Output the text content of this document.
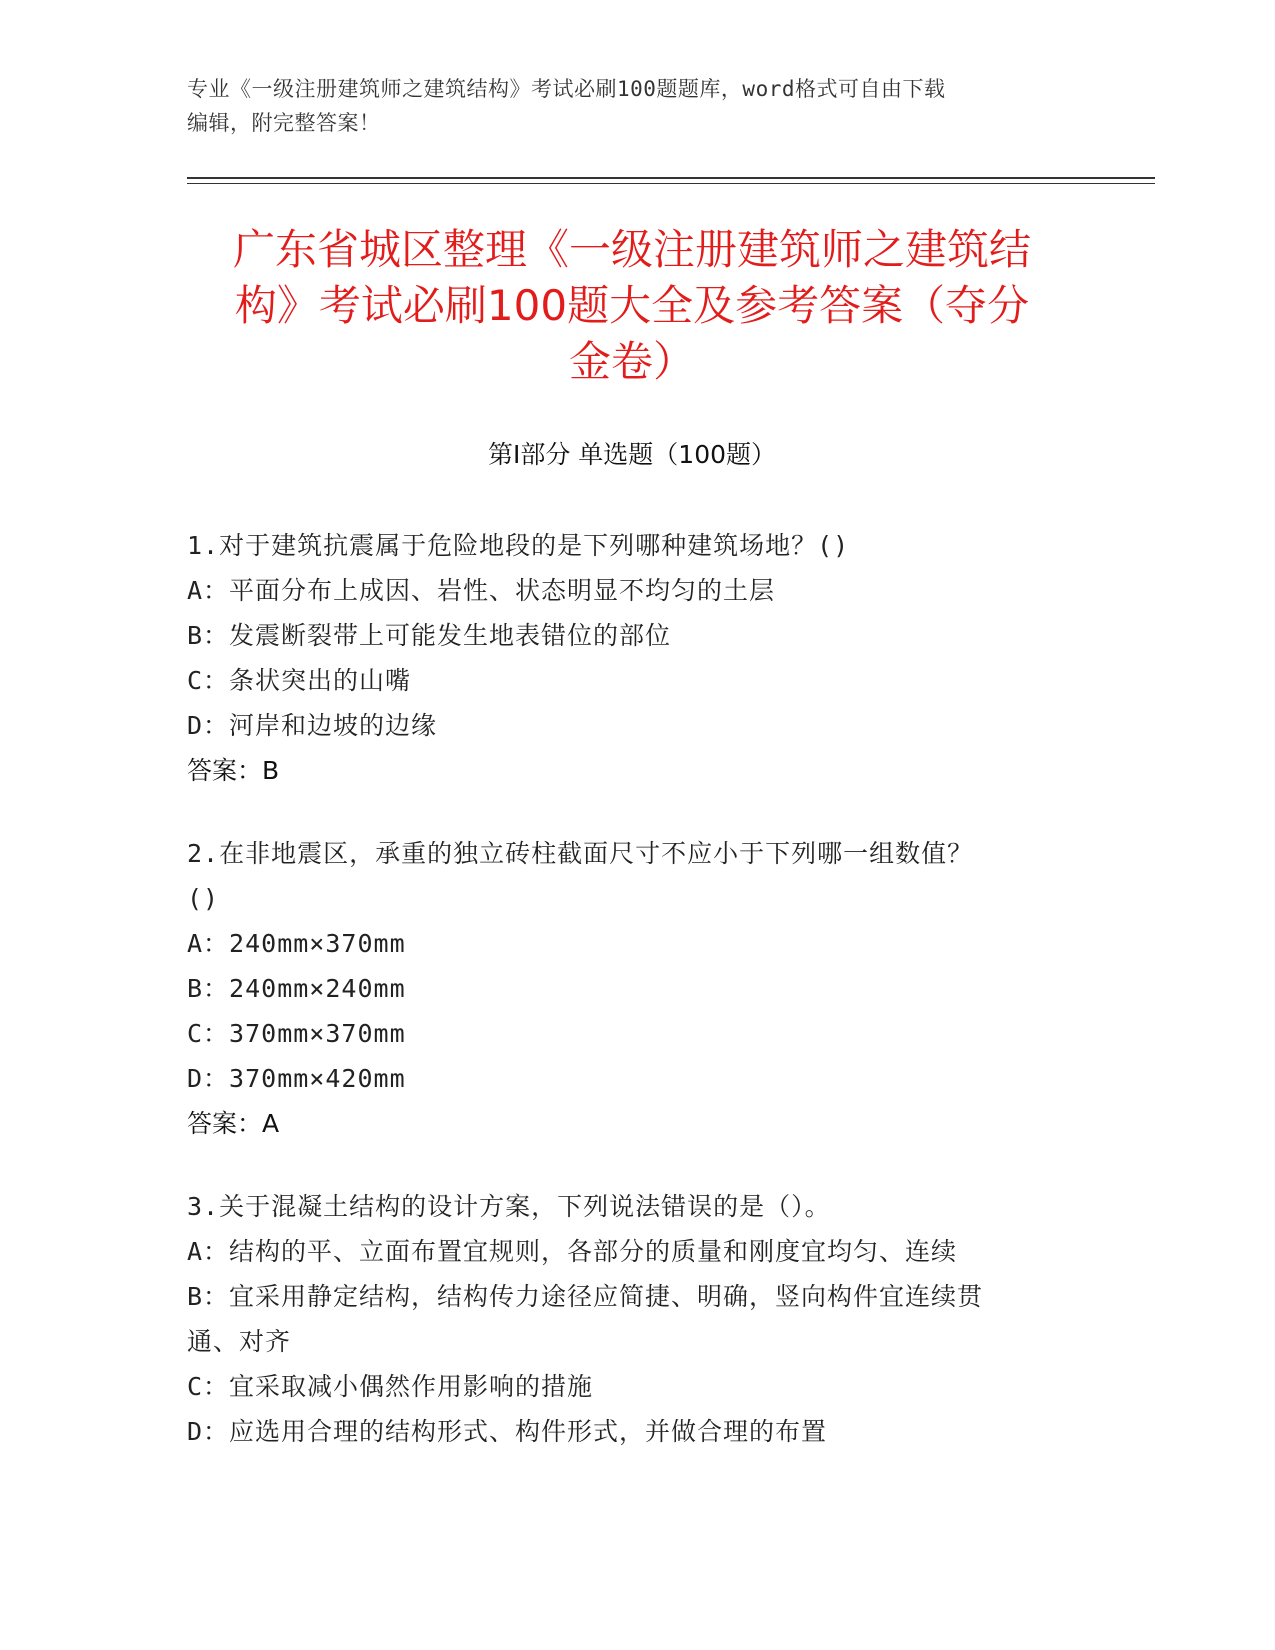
专业《一级注册建筑师之建筑结构》考试必刷100题题库，word格式可自由下载
编辑，附完整答案！
广东省城区整理《一级注册建筑师之建筑结
构》考试必刷100题大全及参考答案（夺分
金卷）
第I部分 单选题（100题）

1.对于建筑抗震属于危险地段的是下列哪种建筑场地？()

A：平面分布上成因、岩性、状态明显不均匀的土层

B：发震断裂带上可能发生地表错位的部位

C：条状突出的山嘴

D：河岸和边坡的边缘

答案：B

2.在非地震区，承重的独立砖柱截面尺寸不应小于下列哪一组数值？

()

A：240mm×370mm

B：240mm×240mm

C：370mm×370mm

D：370mm×420mm

答案：A

3.关于混凝土结构的设计方案，下列说法错误的是（）。

A：结构的平、立面布置宜规则，各部分的质量和刚度宜均匀、连续

B：宜采用静定结构，结构传力途径应简捷、明确，竖向构件宜连续贯

通、对齐

C：宜采取减小偶然作用影响的措施

D：应选用合理的结构形式、构件形式，并做合理的布置
